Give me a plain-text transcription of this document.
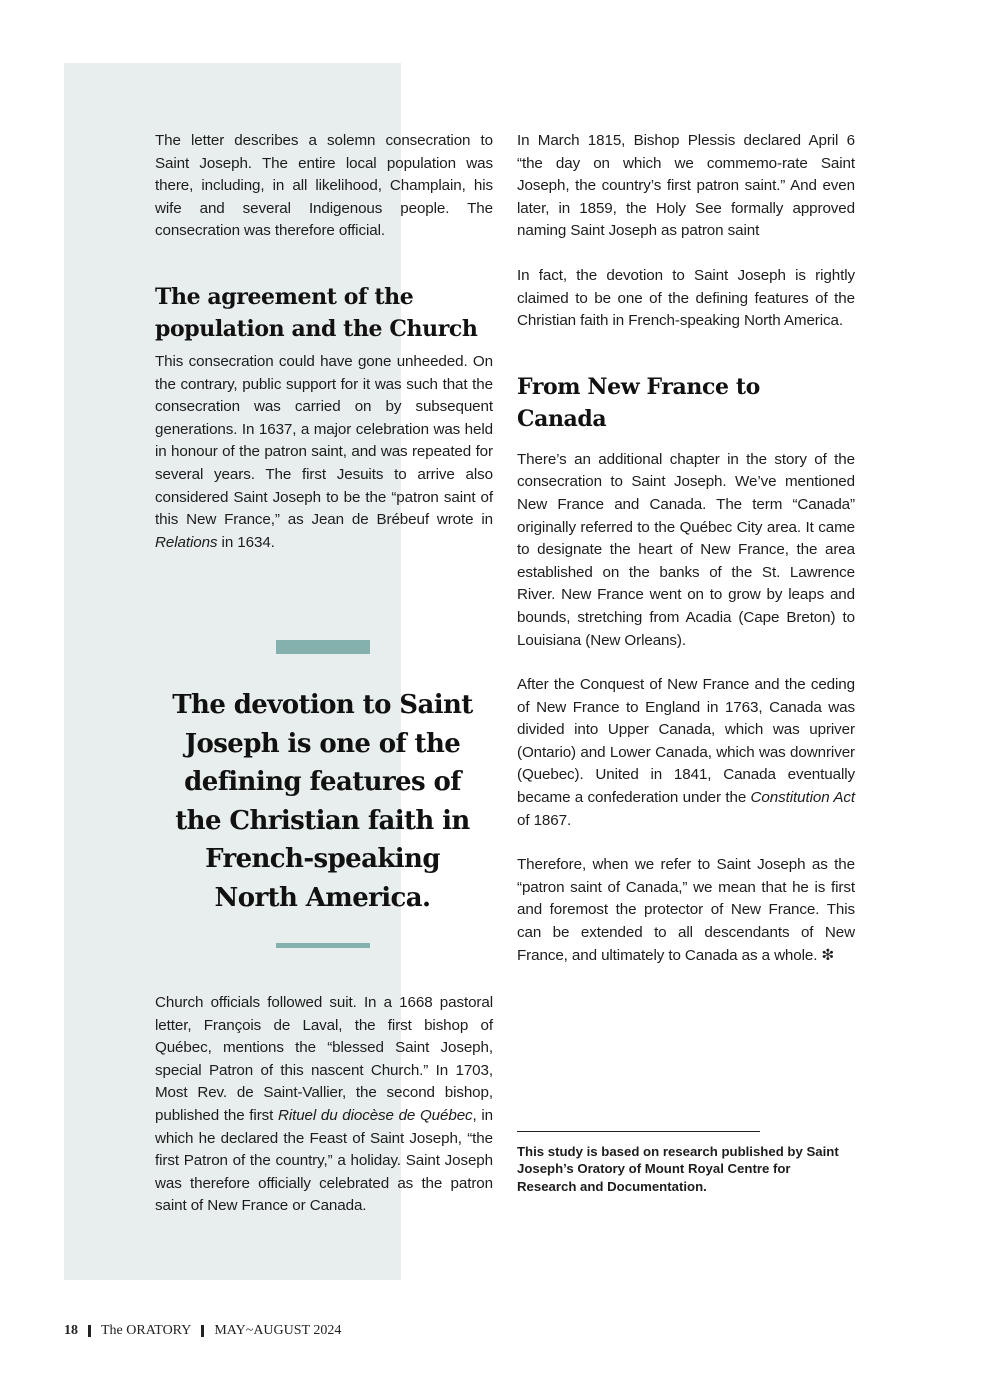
The letter describes a solemn consecration to Saint Joseph. The entire local population was there, including, in all likelihood, Champlain, his wife and several Indigenous people. The consecration was therefore official.

The agreement of the population and the Church

This consecration could have gone unheeded. On the contrary, public support for it was such that the consecration was carried on by subsequent generations. In 1637, a major celebration was held in honour of the patron saint, and was repeated for several years. The first Jesuits to arrive also considered Saint Joseph to be the “patron saint of this New France,” as Jean de Brébeuf wrote in Relations in 1634.

The devotion to Saint Joseph is one of the defining features of the Christian faith in French-speaking North America.

Church officials followed suit. In a 1668 pastoral letter, François de Laval, the first bishop of Québec, mentions the “blessed Saint Joseph, special Patron of this nascent Church.” In 1703, Most Rev. de Saint-Vallier, the second bishop, published the first Rituel du diocèse de Québec, in which he declared the Feast of Saint Joseph, “the first Patron of the country,” a holiday. Saint Joseph was therefore officially celebrated as the patron saint of New France or Canada.

In March 1815, Bishop Plessis declared April 6 “the day on which we commemo-rate Saint Joseph, the country’s first patron saint.” And even later, in 1859, the Holy See formally approved naming Saint Joseph as patron saint

In fact, the devotion to Saint Joseph is rightly claimed to be one of the defining features of the Christian faith in French-speaking North America.

From New France to Canada

There’s an additional chapter in the story of the consecration to Saint Joseph. We’ve mentioned New France and Canada. The term “Canada” originally referred to the Québec City area. It came to designate the heart of New France, the area established on the banks of the St. Lawrence River. New France went on to grow by leaps and bounds, stretching from Acadia (Cape Breton) to Louisiana (New Orleans).

After the Conquest of New France and the ceding of New France to England in 1763, Canada was divided into Upper Canada, which was upriver (Ontario) and Lower Canada, which was downriver (Quebec). United in 1841, Canada eventually became a confederation under the Constitution Act of 1867.

Therefore, when we refer to Saint Joseph as the “patron saint of Canada,” we mean that he is first and foremost the protector of New France. This can be extended to all descendants of New France, and ultimately to Canada as a whole. ❇

This study is based on research published by Saint Joseph’s Oratory of Mount Royal Centre for Research and Documentation.

18 The ORATORY MAY~AUGUST 2024
